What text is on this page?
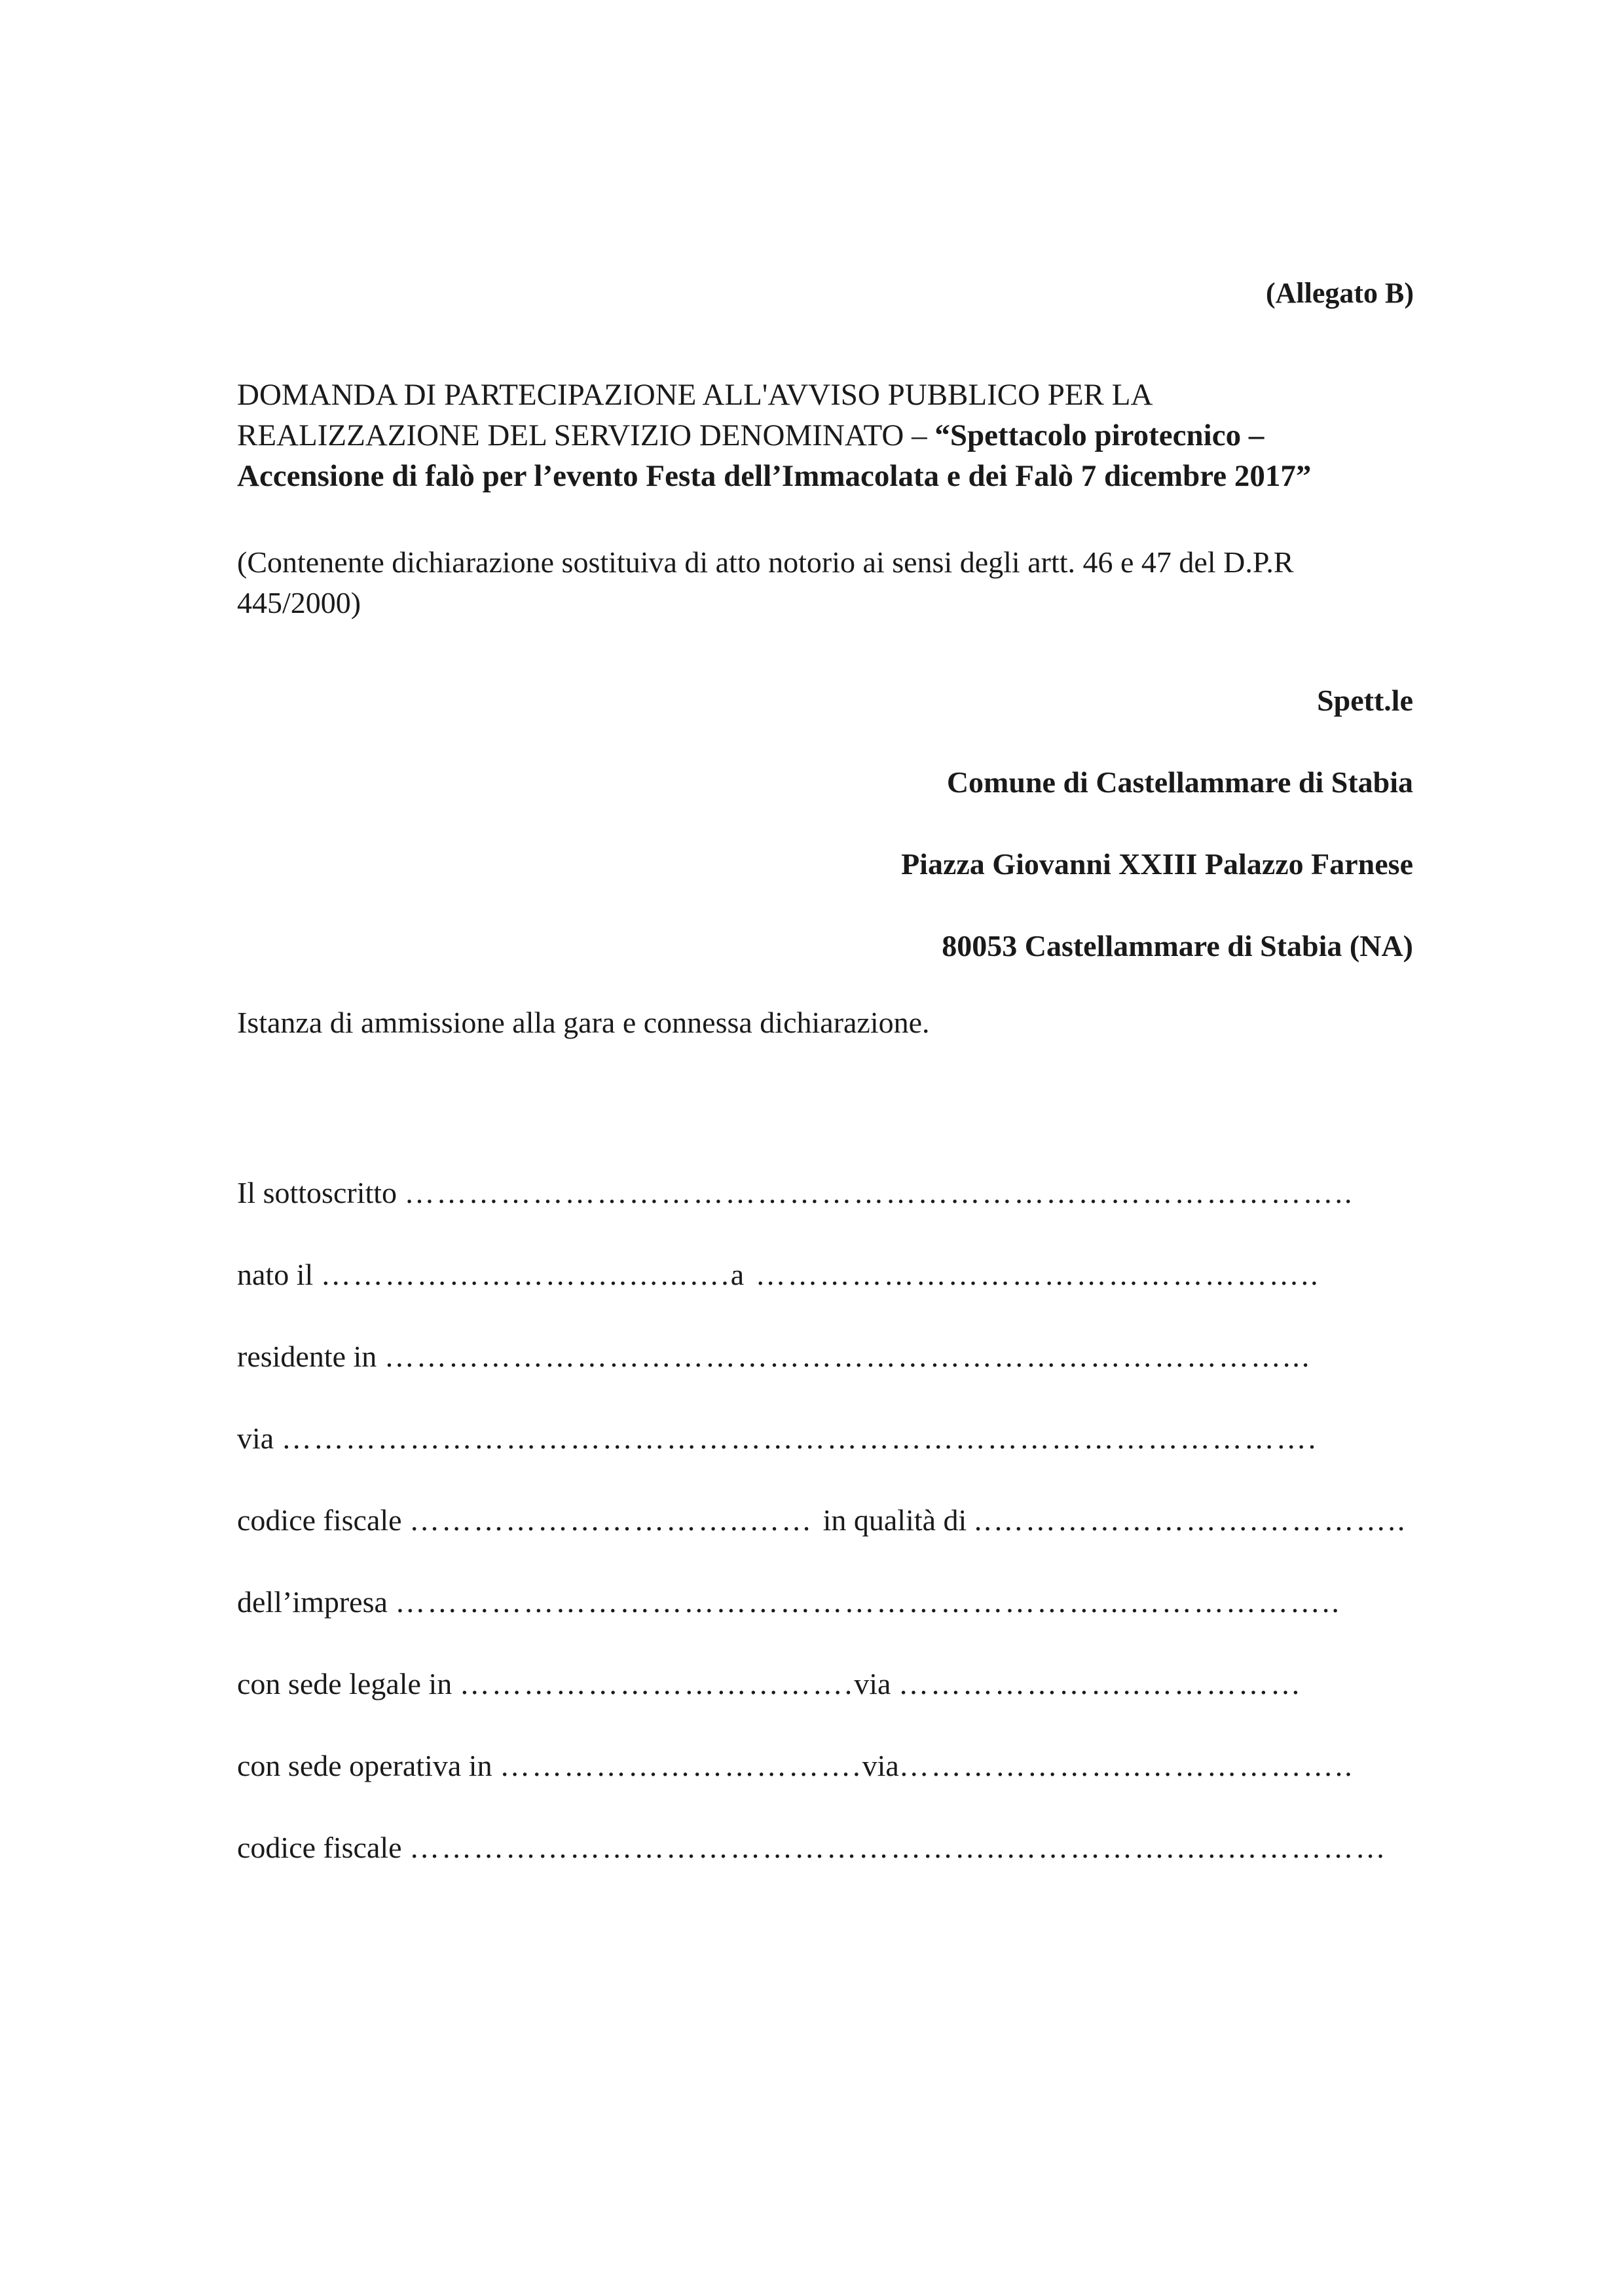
(Allegato B)
DOMANDA DI PARTECIPAZIONE ALL'AVVISO PUBBLICO PER LA
REALIZZAZIONE DEL SERVIZIO DENOMINATO – “Spettacolo pirotecnico –
Accensione di falò per l’evento Festa dell’Immacolata e dei Falò 7 dicembre 2017”
(Contenente dichiarazione sostituiva di atto notorio ai sensi degli artt. 46 e 47 del D.P.R
445/2000)
Spett.le
Comune di Castellammare di Stabia
Piazza Giovanni XXIII Palazzo Farnese
80053 Castellammare di Stabia (NA)
Istanza di ammissione alla gara e connessa dichiarazione.
Il sottoscritto ……………………………………………………………………………..
nato il ………………………..…...….a ……………………………………………..
residente in …………………………………………………………………………...
via …………………………………………………………………………………….
codice fiscale …………………………..…… in qualità di ..…………………….…………..
dell’impresa …………………………………………………………...………………..
con sede legale in ……………………………….via …………………..……………
con sede operativa in …………………………….via…………………..………………..
codice fiscale ………………………………………………..…………….…..……………
